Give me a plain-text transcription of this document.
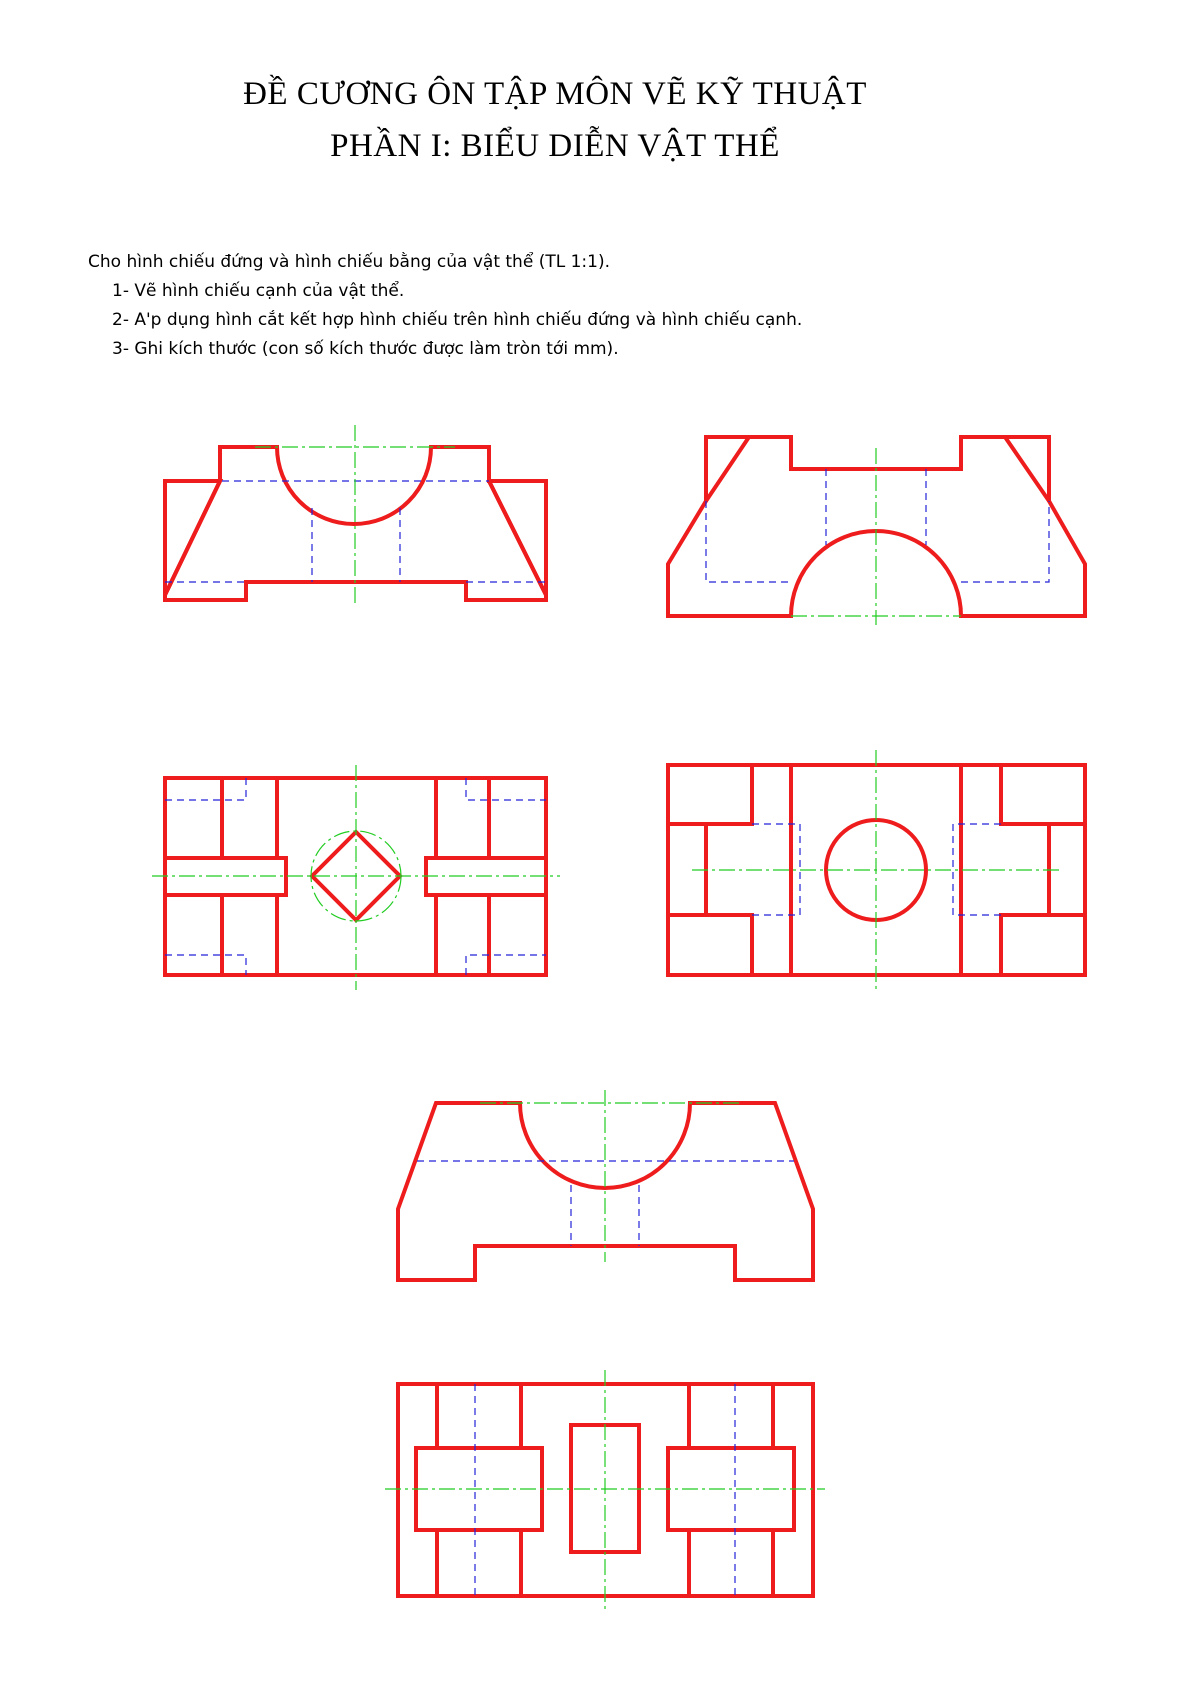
ĐỀ CƯƠNG ÔN TẬP MÔN VẼ KỸ THUẬT
PHẦN I: BIỂU DIỄN VẬT THỂ
Cho hình chiếu đứng và hình chiếu bằng của vật thể (TL 1:1).
1- Vẽ hình chiếu cạnh của vật thể.
2- A'p dụng hình cắt kết hợp hình chiếu trên hình chiếu đứng và hình chiếu cạnh.
3- Ghi kích thước (con số kích thước được làm tròn tới mm).
